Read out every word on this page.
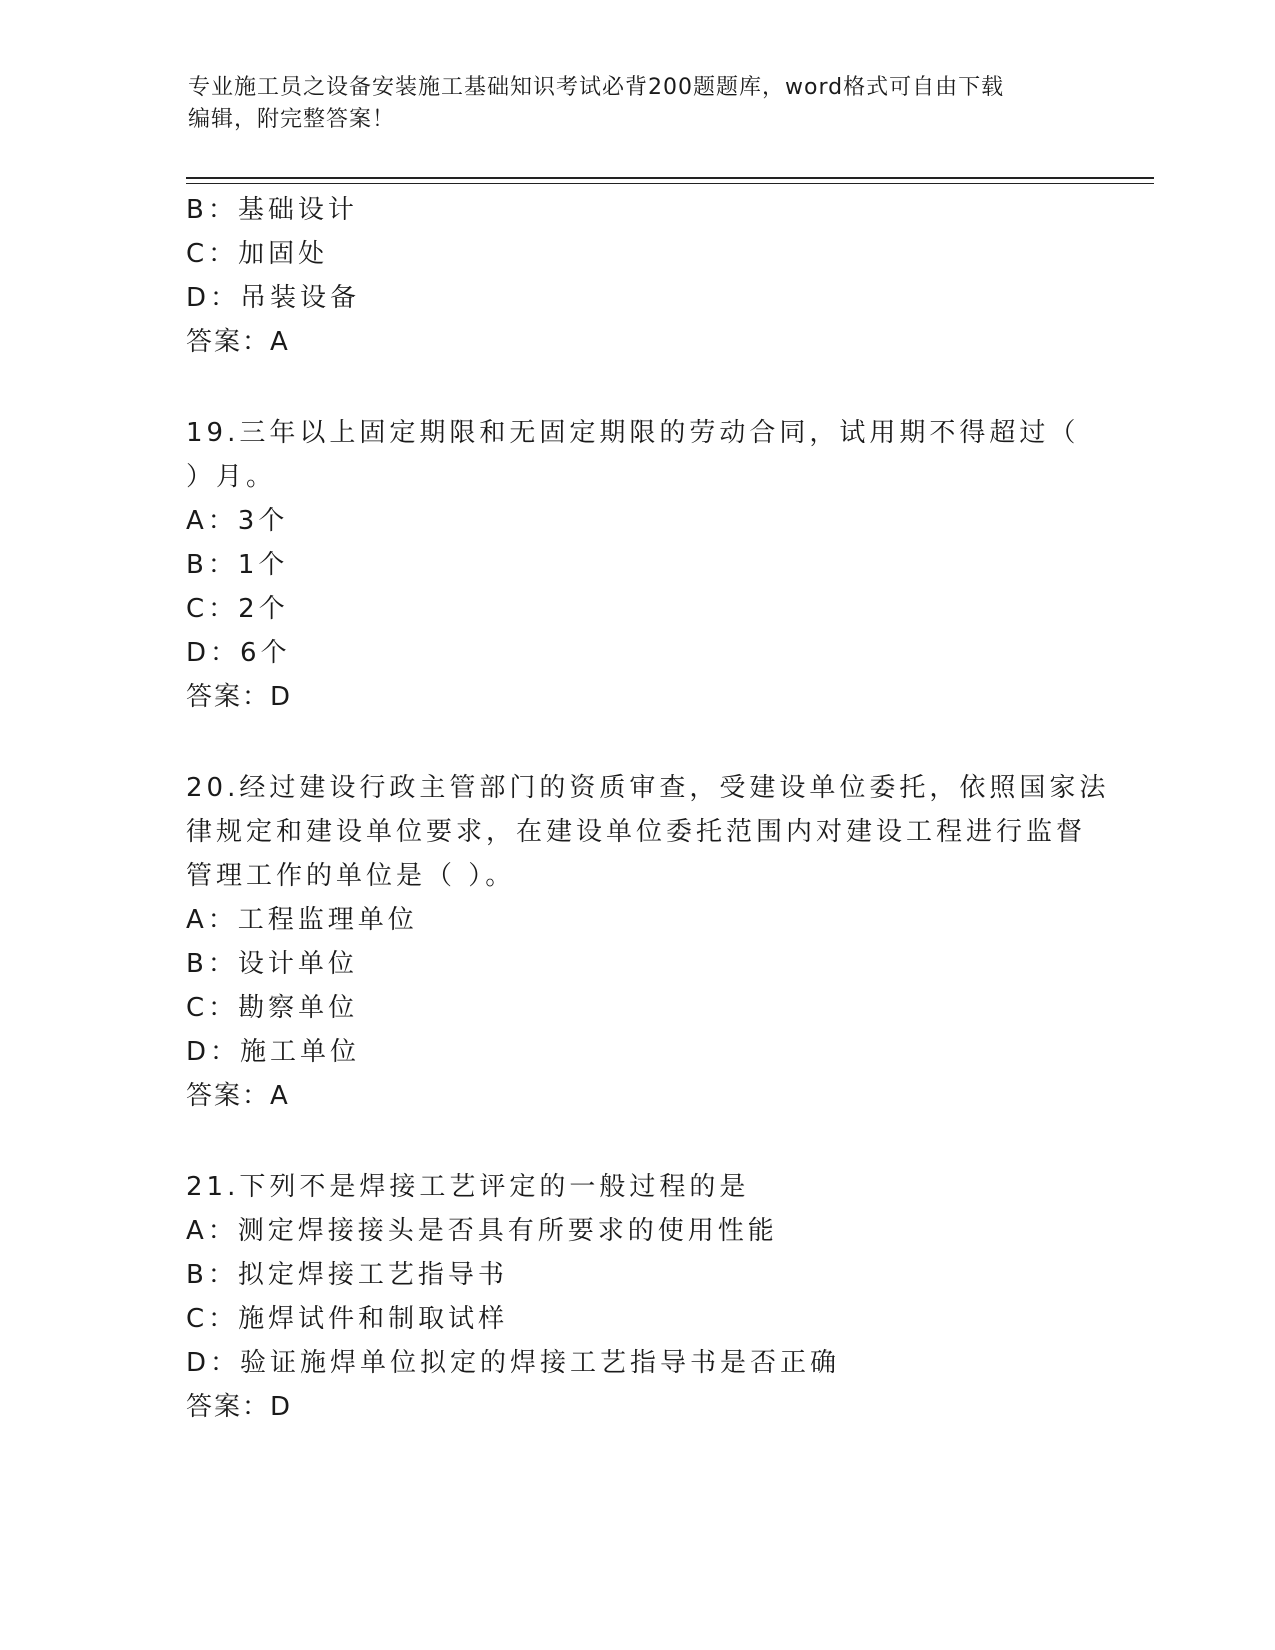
专业施工员之设备安装施工基础知识考试必背200题题库，word格式可自由下载
编辑，附完整答案！
B：基础设计
C：加固处
D：吊装设备
答案：A
19.三年以上固定期限和无固定期限的劳动合同，试用期不得超过（
）月。
A：3个
B：1个
C：2个
D：6个
答案：D
20.经过建设行政主管部门的资质审查，受建设单位委托，依照国家法
律规定和建设单位要求，在建设单位委托范围内对建设工程进行监督
管理工作的单位是（ ）。
A：工程监理单位
B：设计单位
C：勘察单位
D：施工单位
答案：A
21.下列不是焊接工艺评定的一般过程的是
A：测定焊接接头是否具有所要求的使用性能
B：拟定焊接工艺指导书
C：施焊试件和制取试样
D：验证施焊单位拟定的焊接工艺指导书是否正确
答案：D
